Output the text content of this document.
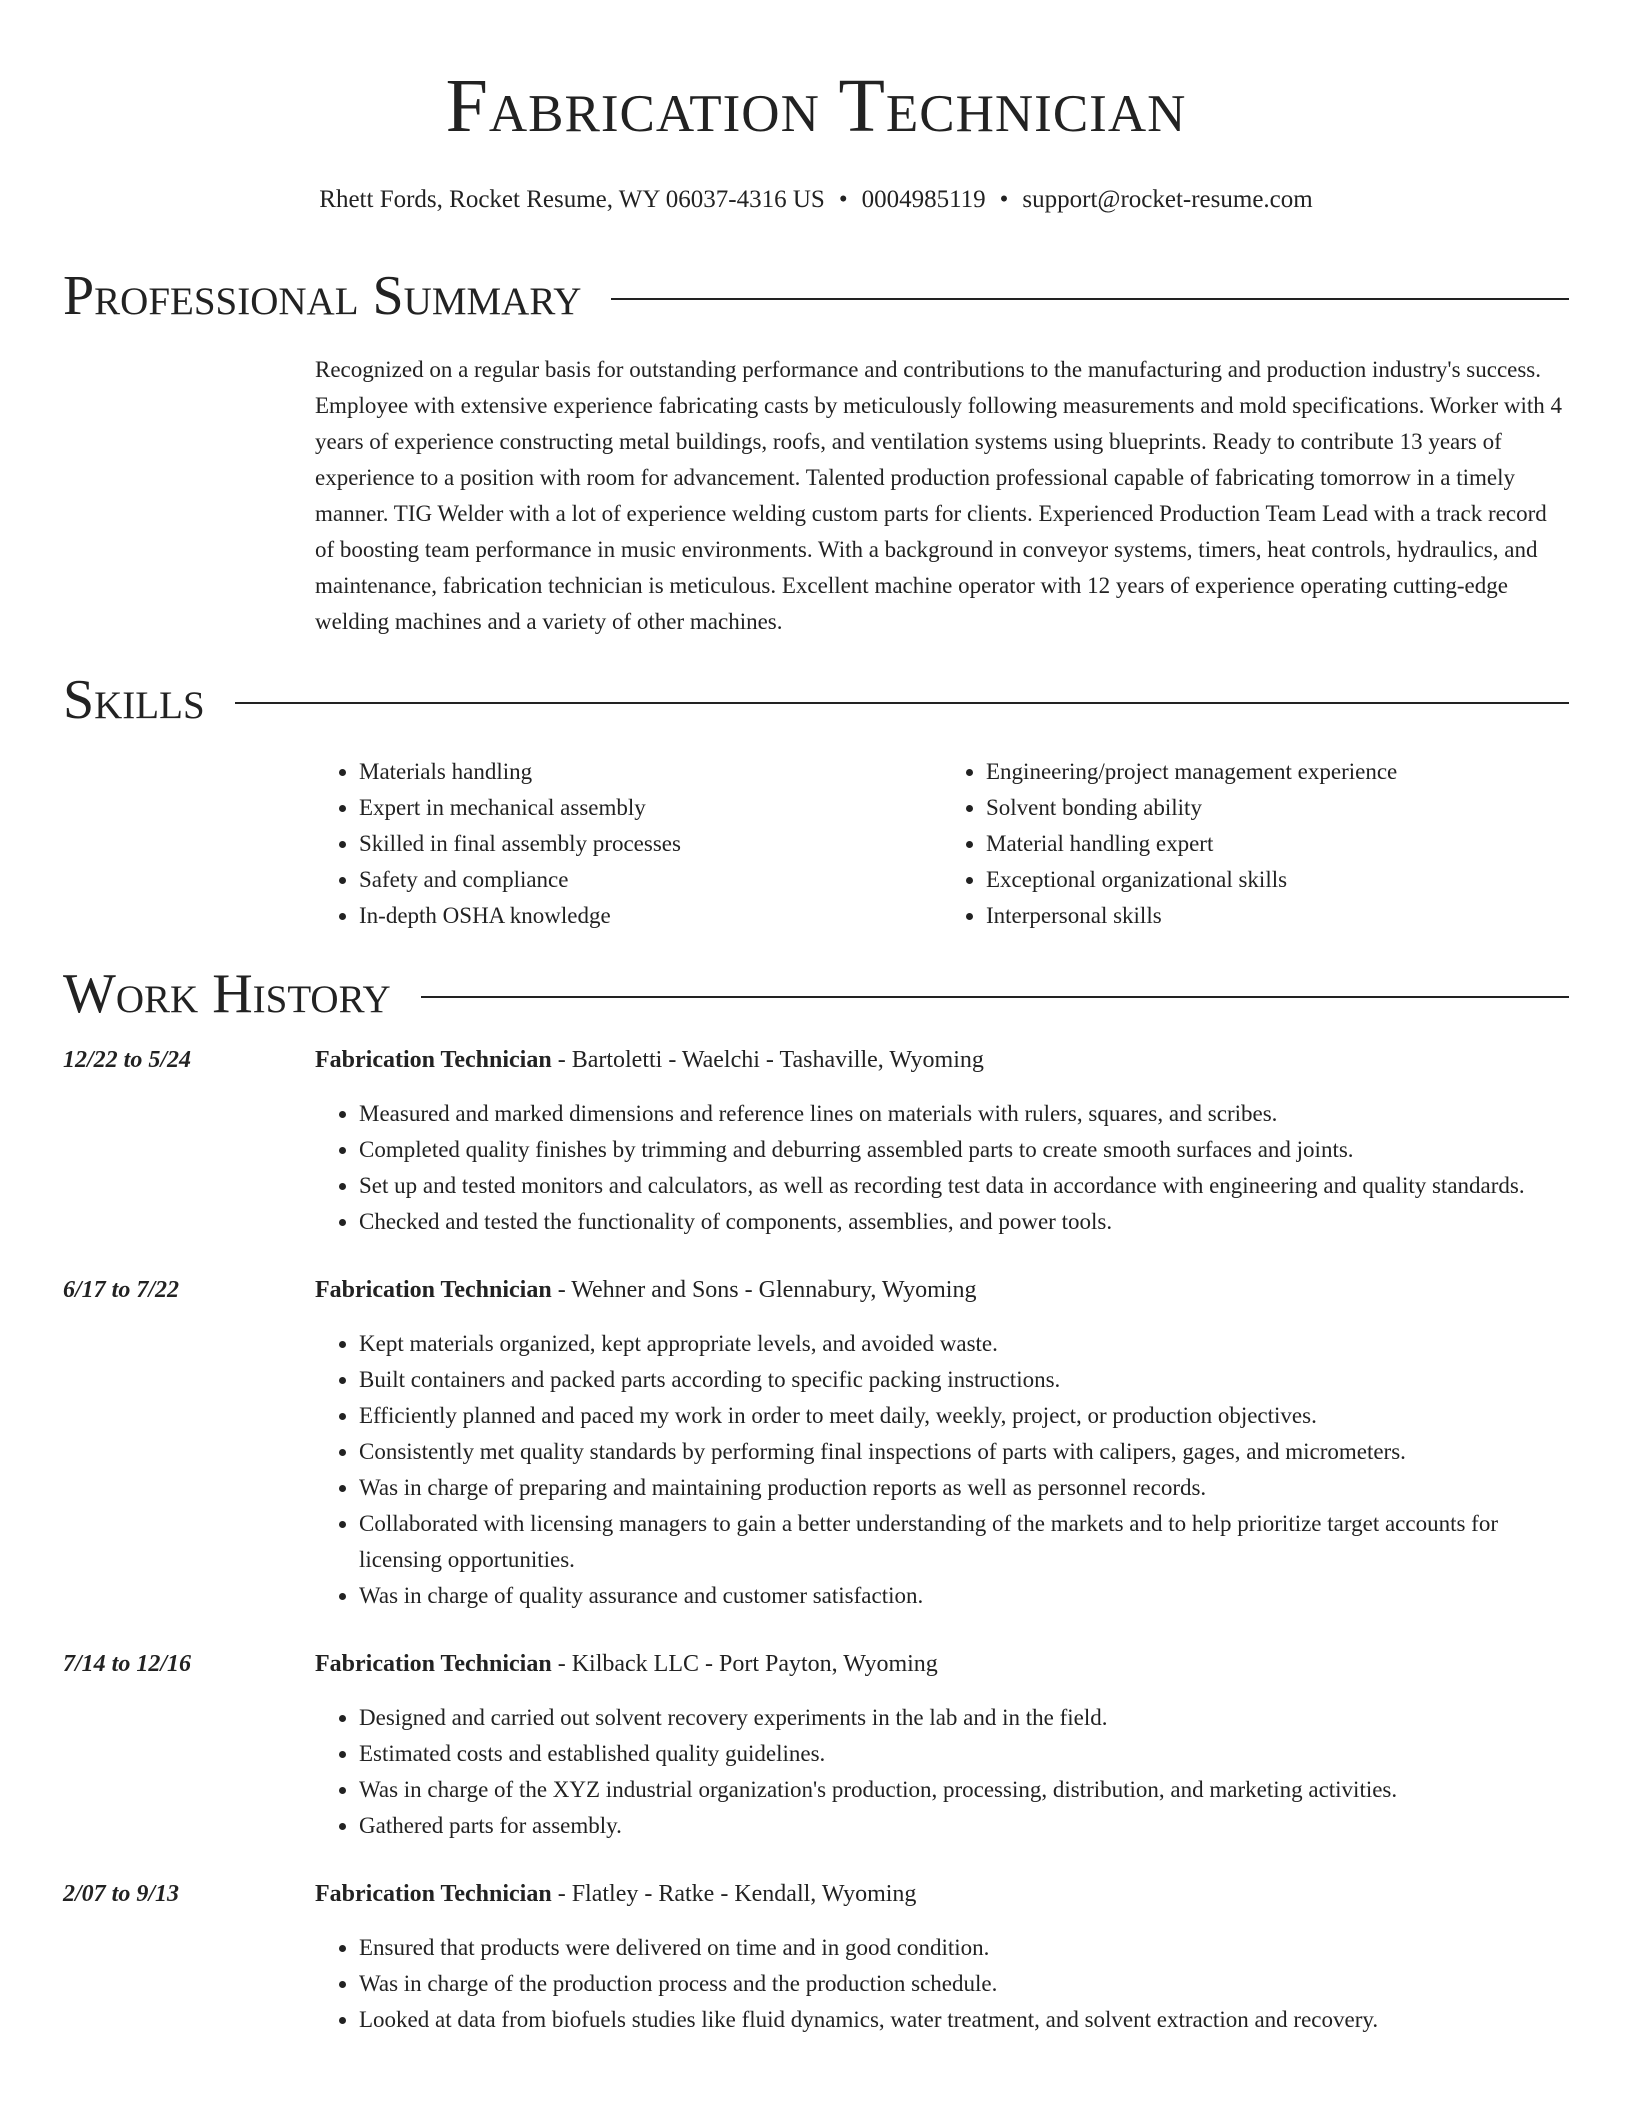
Fabrication Technician
Rhett Fords, Rocket Resume, WY 06037-4316 US • 0004985119 • support@rocket-resume.com
Professional Summary

Recognized on a regular basis for outstanding performance and contributions to the manufacturing and production industry's success. Employee with extensive experience fabricating casts by meticulously following measurements and mold specifications. Worker with 4 years of experience constructing metal buildings, roofs, and ventilation systems using blueprints. Ready to contribute 13 years of experience to a position with room for advancement. Talented production professional capable of fabricating tomorrow in a timely manner. TIG Welder with a lot of experience welding custom parts for clients. Experienced Production Team Lead with a track record of boosting team performance in music environments. With a background in conveyor systems, timers, heat controls, hydraulics, and maintenance, fabrication technician is meticulous. Excellent machine operator with 12 years of experience operating cutting-edge welding machines and a variety of other machines.

Skills
• Materials handling
• Expert in mechanical assembly
• Skilled in final assembly processes
• Safety and compliance
• In-depth OSHA knowledge
• Engineering/project management experience
• Solvent bonding ability
• Material handling expert
• Exceptional organizational skills
• Interpersonal skills
Work History
12/22 to 5/24	Fabrication Technician - Bartoletti - Waelchi - Tashaville, Wyoming
• Measured and marked dimensions and reference lines on materials with rulers, squares, and scribes.
• Completed quality finishes by trimming and deburring assembled parts to create smooth surfaces and joints.
• Set up and tested monitors and calculators, as well as recording test data in accordance with engineering and quality standards.
• Checked and tested the functionality of components, assemblies, and power tools.
6/17 to 7/22	Fabrication Technician - Wehner and Sons - Glennabury, Wyoming
• Kept materials organized, kept appropriate levels, and avoided waste.
• Built containers and packed parts according to specific packing instructions.
• Efficiently planned and paced my work in order to meet daily, weekly, project, or production objectives.
• Consistently met quality standards by performing final inspections of parts with calipers, gages, and micrometers.
• Was in charge of preparing and maintaining production reports as well as personnel records.
• Collaborated with licensing managers to gain a better understanding of the markets and to help prioritize target accounts for licensing opportunities.
• Was in charge of quality assurance and customer satisfaction.
7/14 to 12/16	Fabrication Technician - Kilback LLC - Port Payton, Wyoming
• Designed and carried out solvent recovery experiments in the lab and in the field.
• Estimated costs and established quality guidelines.
• Was in charge of the XYZ industrial organization's production, processing, distribution, and marketing activities.
• Gathered parts for assembly.
2/07 to 9/13	Fabrication Technician - Flatley - Ratke - Kendall, Wyoming
• Ensured that products were delivered on time and in good condition.
• Was in charge of the production process and the production schedule.
• Looked at data from biofuels studies like fluid dynamics, water treatment, and solvent extraction and recovery.
